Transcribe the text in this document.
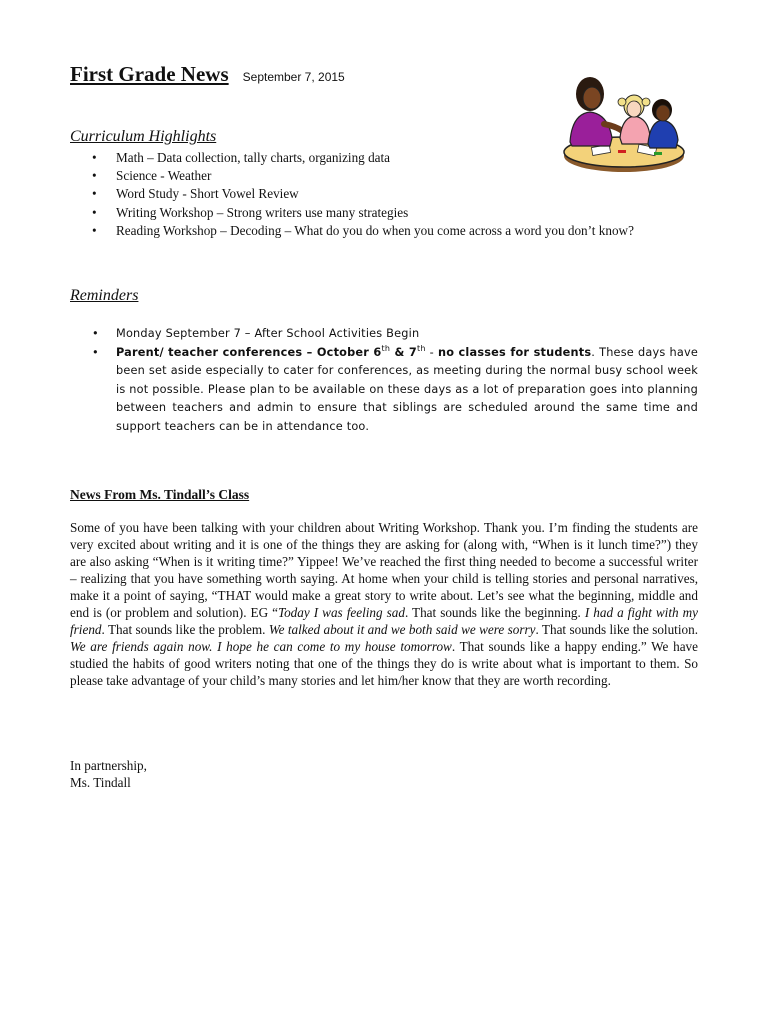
First Grade News September 7, 2015
Curriculum Highlights
• Math – Data collection, tally charts, organizing data
• Science - Weather
• Word Study - Short Vowel Review
• Writing Workshop – Strong writers use many strategies
• Reading Workshop – Decoding – What do you do when you come across a word you don’t know?
Reminders
• Monday September 7 – After School Activities Begin
• Parent/ teacher conferences – October 6th & 7th - no classes for students. These days have been set aside especially to cater for conferences, as meeting during the normal busy school week is not possible. Please plan to be available on these days as a lot of preparation goes into planning between teachers and admin to ensure that siblings are scheduled around the same time and support teachers can be in attendance too.
News From Ms. Tindall’s Class
Some of you have been talking with your children about Writing Workshop. Thank you. I’m finding the students are very excited about writing and it is one of the things they are asking for (along with, “When is it lunch time?”) they are also asking “When is it writing time?” Yippee! We’ve reached the first thing needed to become a successful writer – realizing that you have something worth saying. At home when your child is telling stories and personal narratives, make it a point of saying, “THAT would make a great story to write about. Let’s see what the beginning, middle and end is (or problem and solution). EG “Today I was feeling sad. That sounds like the beginning. I had a fight with my friend. That sounds like the problem. We talked about it and we both said we were sorry. That sounds like the solution. We are friends again now. I hope he can come to my house tomorrow. That sounds like a happy ending.” We have studied the habits of good writers noting that one of the things they do is write about what is important to them. So please take advantage of your child’s many stories and let him/her know that they are worth recording.
In partnership,
Ms. Tindall
